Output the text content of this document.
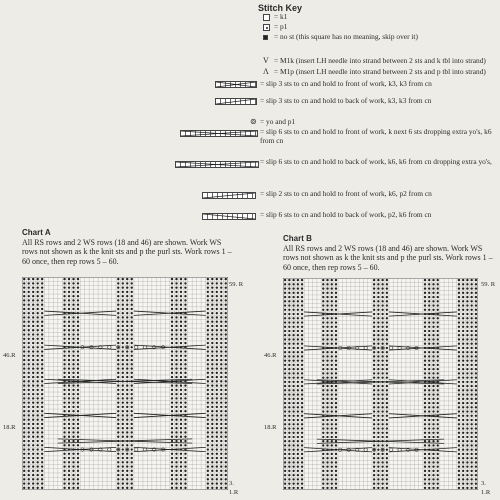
Stitch Key
= k1
= p1
= no st (this square has no meaning, skip over it)
V = M1k (insert LH needle into strand between 2 sts and k tbl into strand)
Λ = M1p (insert LH needle into strand between 2 sts and p tbl into strand)
= slip 3 sts to cn and hold to front of work, k3, k3 from cn
= slip 3 sts to cn and hold to back of work, k3, k3 from cn
⊚ = yo and p1
= slip 6 sts to cn and hold to front of work, k next 6 sts dropping extra yo's, k6 from cn
= slip 6 sts to cn and hold to back of work, k6, k6 from cn dropping extra yo's,
= slip 2 sts to cn and hold to front of work, k6, p2 from cn
= slip 6 sts to cn and hold to back of work, p2, k6 from cn
Chart A
All RS rows and 2 WS rows (18 and 46) are shown. Work WS rows not shown as k the knit sts and p the purl sts. Work rows 1 – 60 once, then rep rows 5 – 60.
Chart B
All RS rows and 2 WS rows (18 and 46) are shown. Work WS rows not shown as k the knit sts and p the purl sts. Work rows 1 – 60 once, then rep rows 5 – 60.
59. R
46.R
18.R
3.
1.R
59. R
46.R
18.R
3.
1.R
